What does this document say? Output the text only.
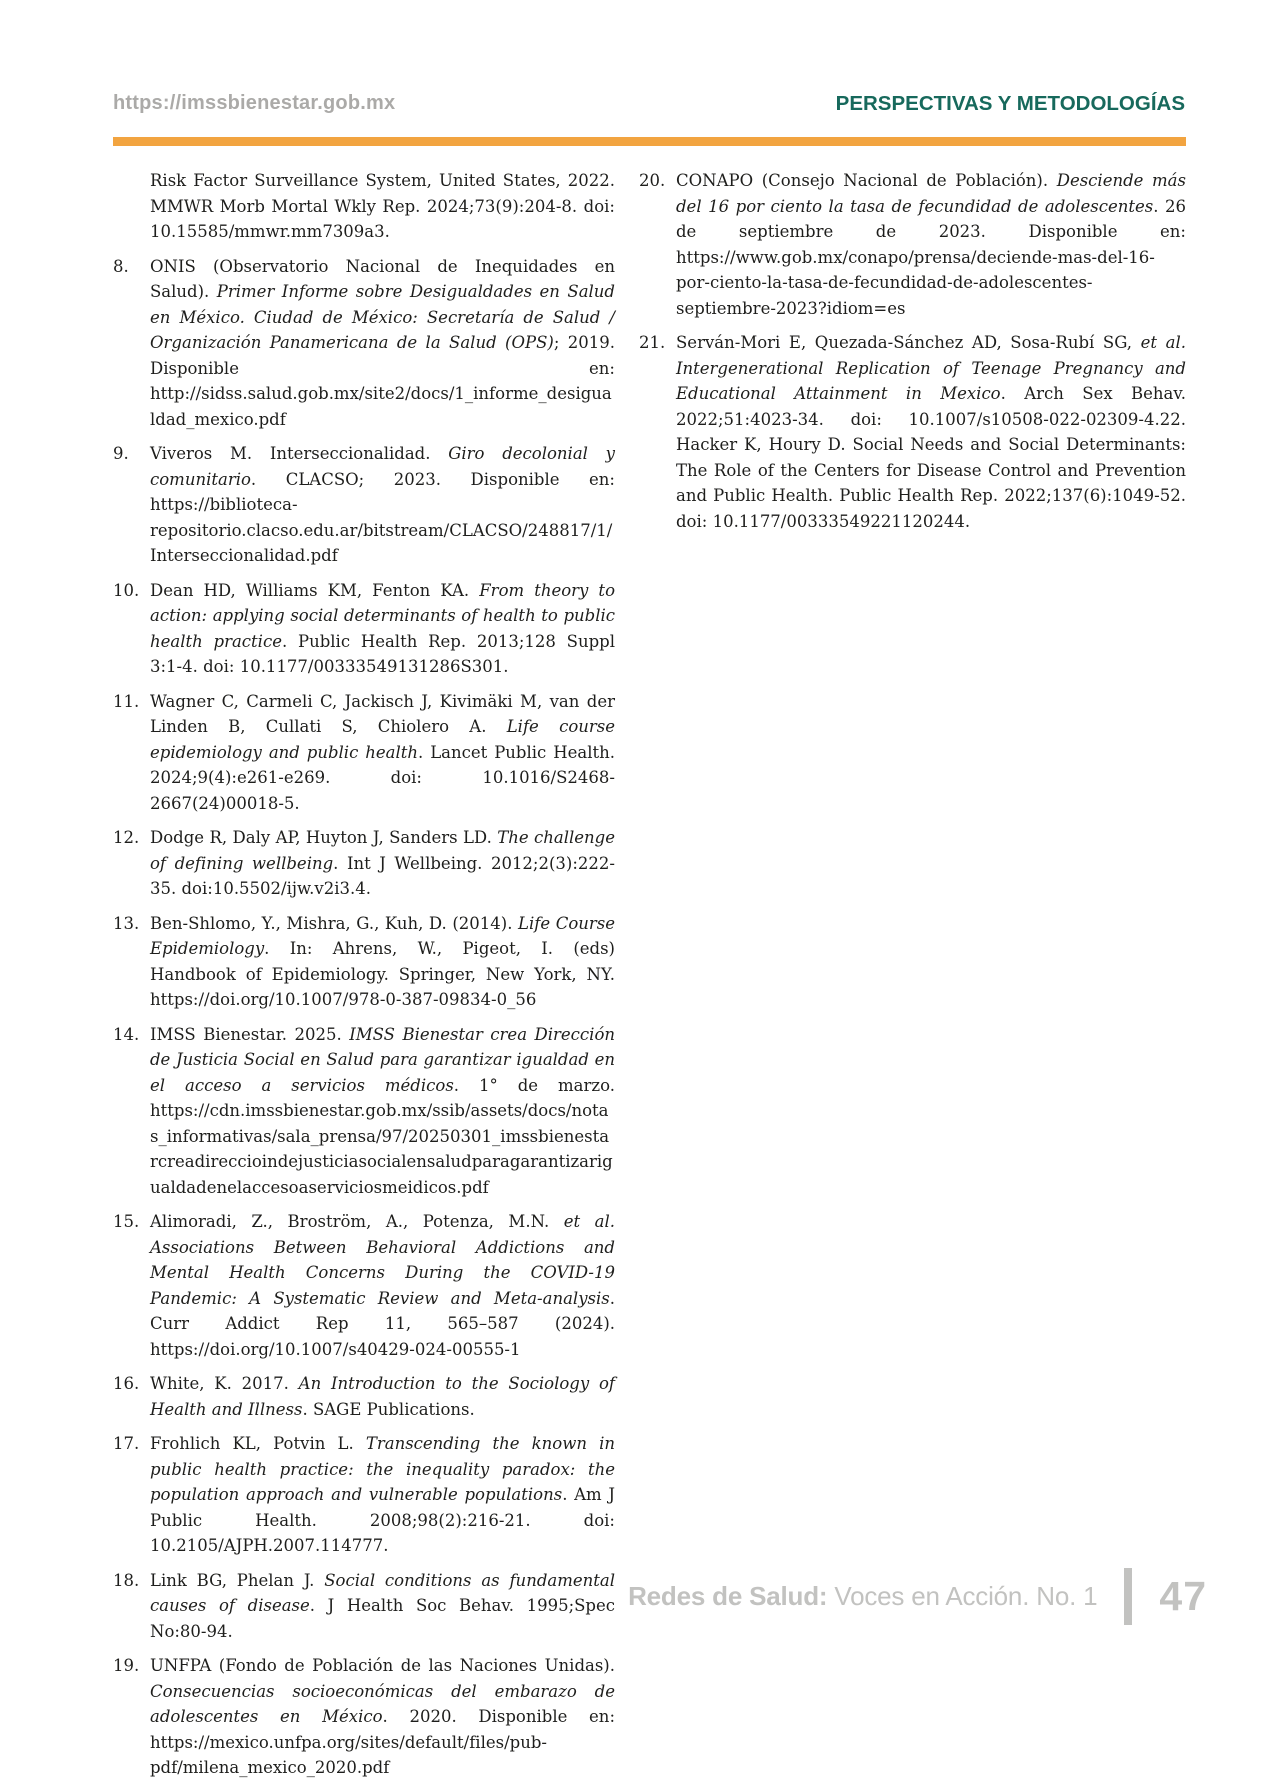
https://imssbienestar.gob.mx	PERSPECTIVAS Y METODOLOGÍAS

Risk Factor Surveillance System, United States, 2022. MMWR Morb Mortal Wkly Rep. 2024;73(9):204-8. doi: 10.15585/mmwr.mm7309a3.

8.	ONIS (Observatorio Nacional de Inequidades en Salud). Primer Informe sobre Desigualdades en Salud en México. Ciudad de México: Secretaría de Salud / Organización Panamericana de la Salud (OPS); 2019. Disponible en: http://sidss.salud.gob.mx/site2/docs/1_informe_desigualdad_mexico.pdf

9.	Viveros M. Interseccionalidad. Giro decolonial y comunitario. CLACSO; 2023. Disponible en: https://biblioteca-repositorio.clacso.edu.ar/bitstream/CLACSO/248817/1/Interseccionalidad.pdf

10. Dean HD, Williams KM, Fenton KA. From theory to action: applying social determinants of health to public health practice. Public Health Rep. 2013;128 Suppl 3:1-4. doi: 10.1177/00333549131286S301.

11. Wagner C, Carmeli C, Jackisch J, Kivimäki M, van der Linden B, Cullati S, Chiolero A. Life course epidemiology and public health. Lancet Public Health. 2024;9(4):e261-e269. doi: 10.1016/S2468-2667(24)00018-5.

12. Dodge R, Daly AP, Huyton J, Sanders LD. The challenge of defining wellbeing. Int J Wellbeing. 2012;2(3):222-35. doi:10.5502/ijw.v2i3.4.

13. Ben-Shlomo, Y., Mishra, G., Kuh, D. (2014). Life Course Epidemiology. In: Ahrens, W., Pigeot, I. (eds) Handbook of Epidemiology. Springer, New York, NY. https://doi.org/10.1007/978-0-387-09834-0_56

14. IMSS Bienestar. 2025. IMSS Bienestar crea Dirección de Justicia Social en Salud para garantizar igualdad en el acceso a servicios médicos. 1° de marzo. https://cdn.imssbienestar.gob.mx/ssib/assets/docs/notas_informativas/sala_prensa/97/20250301_imssbienestarcreadireccioindejusticiasocialensaludparagarantizarigualdadenelaccesoaserviciosmeidicos.pdf

15. Alimoradi, Z., Broström, A., Potenza, M.N. et al. Associations Between Behavioral Addictions and Mental Health Concerns During the COVID-19 Pandemic: A Systematic Review and Meta-analysis. Curr Addict Rep 11, 565–587 (2024). https://doi.org/10.1007/s40429-024-00555-1

16. White, K. 2017. An Introduction to the Sociology of Health and Illness. SAGE Publications.

17. Frohlich KL, Potvin L. Transcending the known in public health practice: the inequality paradox: the population approach and vulnerable populations. Am J Public Health. 2008;98(2):216-21. doi: 10.2105/AJPH.2007.114777.

18. Link BG, Phelan J. Social conditions as fundamental causes of disease. J Health Soc Behav. 1995;Spec No:80-94.

19. UNFPA (Fondo de Población de las Naciones Unidas). Consecuencias socioeconómicas del embarazo de adolescentes en México. 2020. Disponible en: https://mexico.unfpa.org/sites/default/files/pub-pdf/milena_mexico_2020.pdf

20. CONAPO (Consejo Nacional de Población). Desciende más del 16 por ciento la tasa de fecundidad de adolescentes. 26 de septiembre de 2023. Disponible en: https://www.gob.mx/conapo/prensa/deciende-mas-del-16-por-ciento-la-tasa-de-fecundidad-de-adolescentes-septiembre-2023?idiom=es

21. Serván-Mori E, Quezada-Sánchez AD, Sosa-Rubí SG, et al. Intergenerational Replication of Teenage Pregnancy and Educational Attainment in Mexico. Arch Sex Behav. 2022;51:4023-34. doi: 10.1007/s10508-022-02309-4.22. Hacker K, Houry D. Social Needs and Social Determinants: The Role of the Centers for Disease Control and Prevention and Public Health. Public Health Rep. 2022;137(6):1049-52. doi: 10.1177/00333549221120244.

Redes de Salud: Voces en Acción. No. 1 47
